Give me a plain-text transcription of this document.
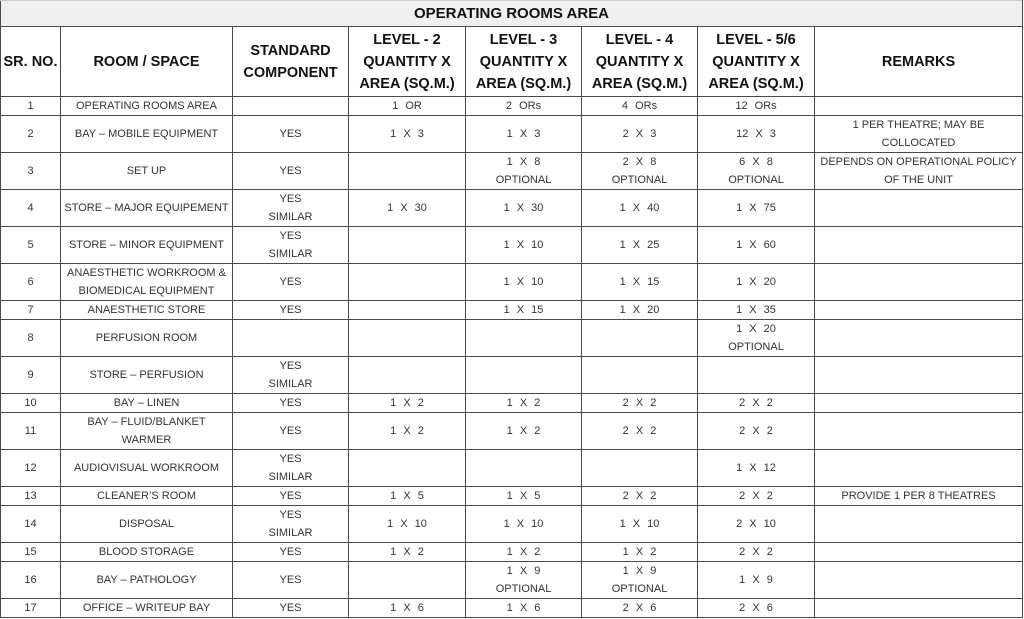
OPERATING ROOMS AREA							
SR. NO.	ROOM / SPACE	STANDARD
COMPONENT	LEVEL - 2
QUANTITY X
AREA (SQ.M.)	LEVEL - 3
QUANTITY X
AREA (SQ.M.)	LEVEL - 4
QUANTITY X
AREA (SQ.M.)	LEVEL - 5/6
QUANTITY X
AREA (SQ.M.)	REMARKS
1	OPERATING ROOMS AREA		1 OR	2 ORs	4 ORs	12 ORs	
2	BAY – MOBILE EQUIPMENT	YES	1 X 3	1 X 3	2 X 3	12 X 3	1 PER THEATRE; MAY BE
COLLOCATED
3	SET UP	YES		1 X 8
OPTIONAL	2 X 8
OPTIONAL	6 X 8
OPTIONAL	DEPENDS ON OPERATIONAL POLICY
OF THE UNIT
4	STORE – MAJOR EQUIPEMENT	YES
SIMILAR	1 X 30	1 X 30	1 X 40	1 X 75	
5	STORE – MINOR EQUIPMENT	YES
SIMILAR		1 X 10	1 X 25	1 X 60	
6	ANAESTHETIC WORKROOM &
BIOMEDICAL EQUIPMENT	YES		1 X 10	1 X 15	1 X 20	
7	ANAESTHETIC STORE	YES		1 X 15	1 X 20	1 X 35	
8	PERFUSION ROOM					1 X 20
OPTIONAL	
9	STORE – PERFUSION	YES
SIMILAR					
10	BAY – LINEN	YES	1 X 2	1 X 2	2 X 2	2 X 2	
11	BAY – FLUID/BLANKET
WARMER	YES	1 X 2	1 X 2	2 X 2	2 X 2	
12	AUDIOVISUAL WORKROOM	YES
SIMILAR				1 X 12	
13	CLEANER’S ROOM	YES	1 X 5	1 X 5	2 X 2	2 X 2	PROVIDE 1 PER 8 THEATRES
14	DISPOSAL	YES
SIMILAR	1 X 10	1 X 10	1 X 10	2 X 10	
15	BLOOD STORAGE	YES	1 X 2	1 X 2	1 X 2	2 X 2	
16	BAY – PATHOLOGY	YES		1 X 9
OPTIONAL	1 X 9
OPTIONAL	1 X 9	
17	OFFICE – WRITEUP BAY	YES	1 X 6	1 X 6	2 X 6	2 X 6	
